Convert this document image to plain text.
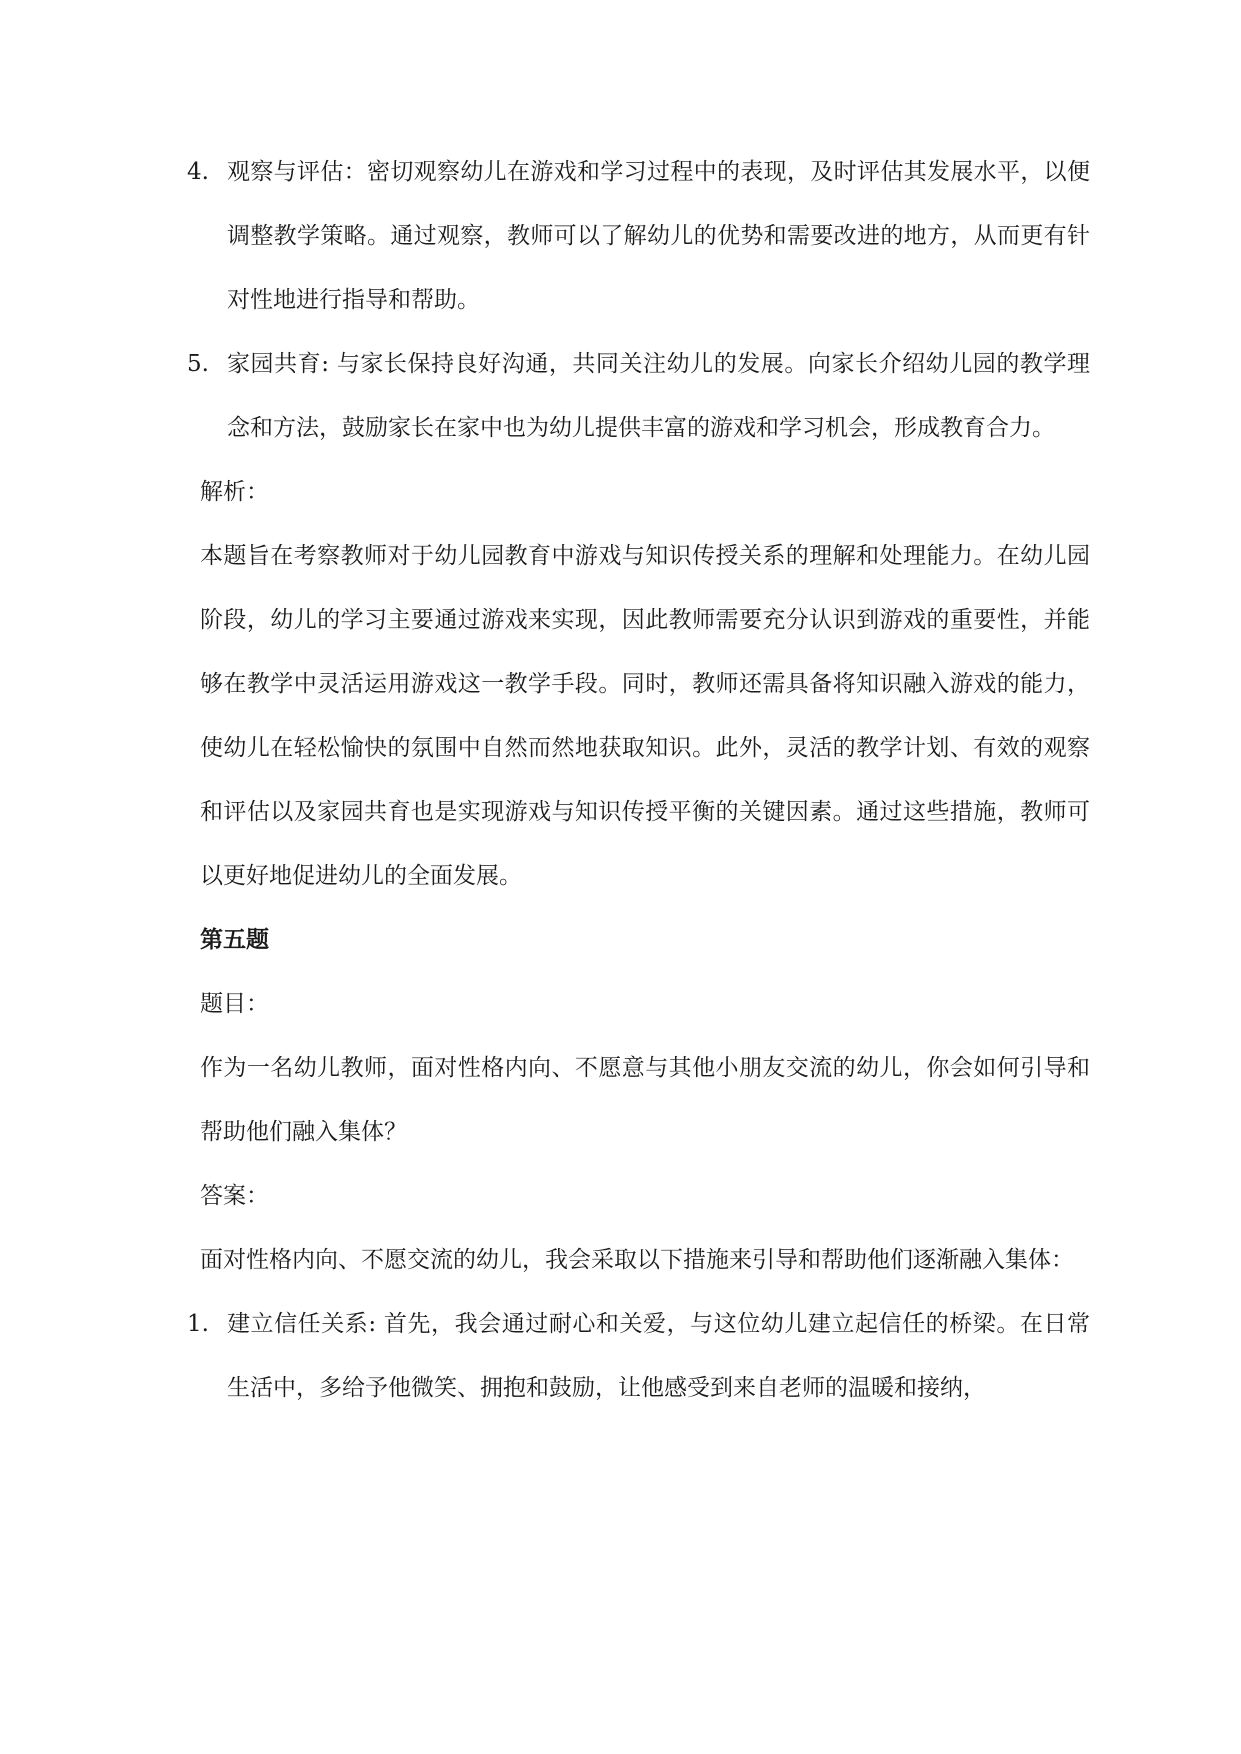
4. 观察与评估：密切观察幼儿在游戏和学习过程中的表现，及时评估其发展水平，以便调整教学策略。通过观察，教师可以了解幼儿的优势和需要改进的地方，从而更有针对性地进行指导和帮助。

5. 家园共育: 与家长保持良好沟通，共同关注幼儿的发展。向家长介绍幼儿园的教学理念和方法，鼓励家长在家中也为幼儿提供丰富的游戏和学习机会，形成教育合力。

解析：

本题旨在考察教师对于幼儿园教育中游戏与知识传授关系的理解和处理能力。在幼儿园阶段，幼儿的学习主要通过游戏来实现，因此教师需要充分认识到游戏的重要性，并能够在教学中灵活运用游戏这一教学手段。同时，教师还需具备将知识融入游戏的能力，使幼儿在轻松愉快的氛围中自然而然地获取知识。此外，灵活的教学计划、有效的观察和评估以及家园共育也是实现游戏与知识传授平衡的关键因素。通过这些措施，教师可以更好地促进幼儿的全面发展。

第五题

题目：

作为一名幼儿教师，面对性格内向、不愿意与其他小朋友交流的幼儿，你会如何引导和帮助他们融入集体？

答案：

面对性格内向、不愿交流的幼儿，我会采取以下措施来引导和帮助他们逐渐融入集体：

1. 建立信任关系: 首先，我会通过耐心和关爱，与这位幼儿建立起信任的桥梁。在日常生活中，多给予他微笑、拥抱和鼓励，让他感受到来自老师的温暖和接纳，
